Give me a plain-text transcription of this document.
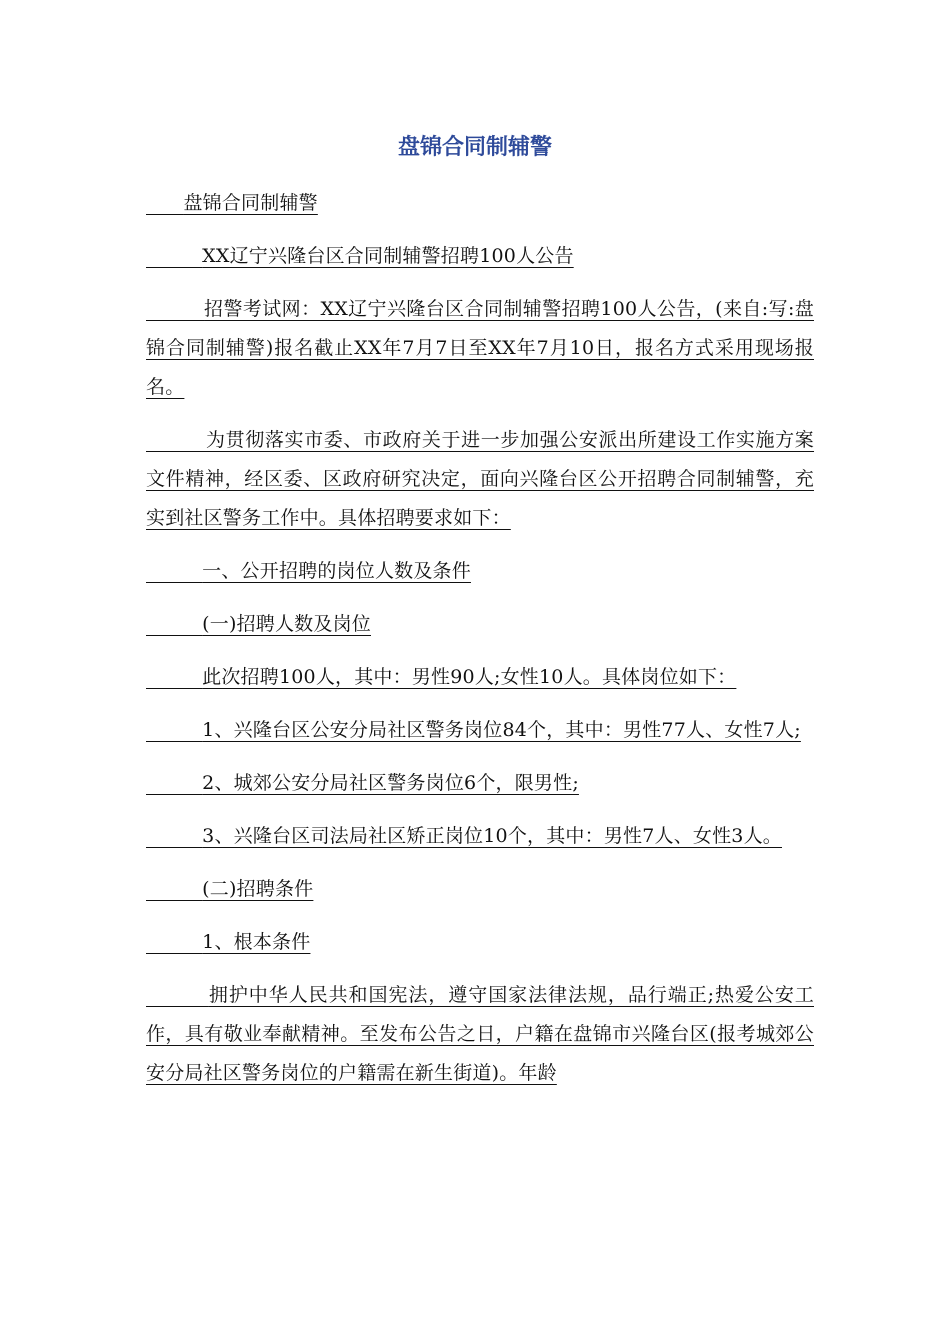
盘锦合同制辅警

盘锦合同制辅警

XX辽宁兴隆台区合同制辅警招聘100人公告

招警考试网：XX辽宁兴隆台区合同制辅警招聘100人公告，(来自:写:盘锦合同制辅警)报名截止XX年7月7日至XX年7月10日，报名方式采用现场报名。

为贯彻落实市委、市政府关于进一步加强公安派出所建设工作实施方案文件精神，经区委、区政府研究决定，面向兴隆台区公开招聘合同制辅警，充实到社区警务工作中。具体招聘要求如下：

一、公开招聘的岗位人数及条件

(一)招聘人数及岗位

此次招聘100人，其中：男性90人;女性10人。具体岗位如下：

1、兴隆台区公安分局社区警务岗位84个，其中：男性77人、女性7人;

2、城郊公安分局社区警务岗位6个，限男性;

3、兴隆台区司法局社区矫正岗位10个，其中：男性7人、女性3人。

(二)招聘条件

1、根本条件

拥护中华人民共和国宪法，遵守国家法律法规，品行端正;热爱公安工作，具有敬业奉献精神。至发布公告之日，户籍在盘锦市兴隆台区(报考城郊公安分局社区警务岗位的户籍需在新生街道)。年龄
